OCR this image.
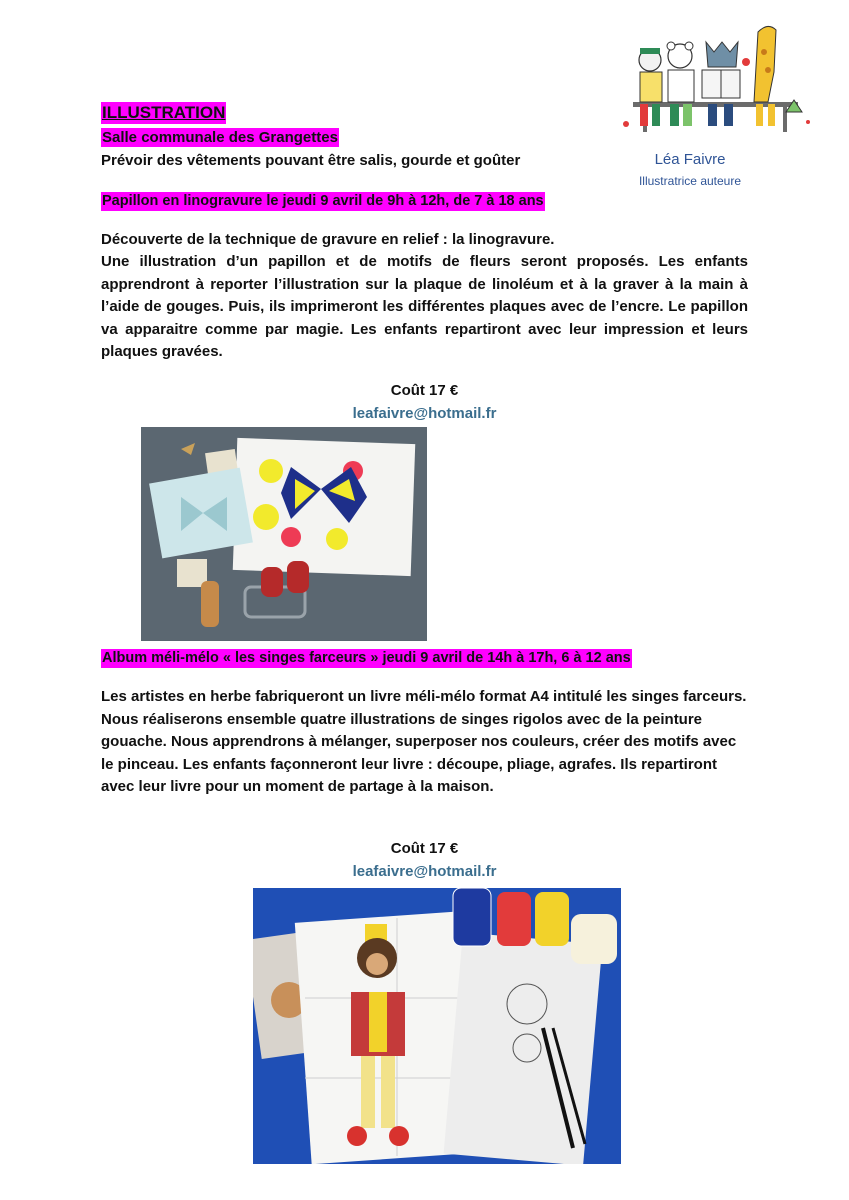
ILLUSTRATION
Salle communale des Grangettes
Prévoir des vêtements pouvant être salis, gourde et goûter	Léa Faivre
Illustratrice auteure
Papillon en linogravure le jeudi 9 avril de 9h à 12h, de 7 à 18 ans
Découverte de la technique de gravure en relief : la linogravure.
Une illustration d’un papillon et de motifs de fleurs seront proposés. Les enfants apprendront à reporter l’illustration sur la plaque de linoléum et à la graver à la main à l’aide de gouges. Puis, ils imprimeront les différentes plaques avec de l’encre. Le papillon va apparaitre comme par magie. Les enfants repartiront avec leur impression et leurs plaques gravées.
Coût 17 €
leafaivre@hotmail.fr
Album méli-mélo « les singes farceurs » jeudi 9 avril de 14h à 17h, 6 à 12 ans
Les artistes en herbe fabriqueront un livre méli-mélo format A4 intitulé les singes farceurs. Nous réaliserons ensemble quatre illustrations de singes rigolos avec de la peinture gouache. Nous apprendrons à mélanger, superposer nos couleurs, créer des motifs avec le pinceau. Les enfants façonneront leur livre : découpe, pliage, agrafes. Ils repartiront avec leur livre pour un moment de partage à la maison.
Coût 17 €
leafaivre@hotmail.fr
